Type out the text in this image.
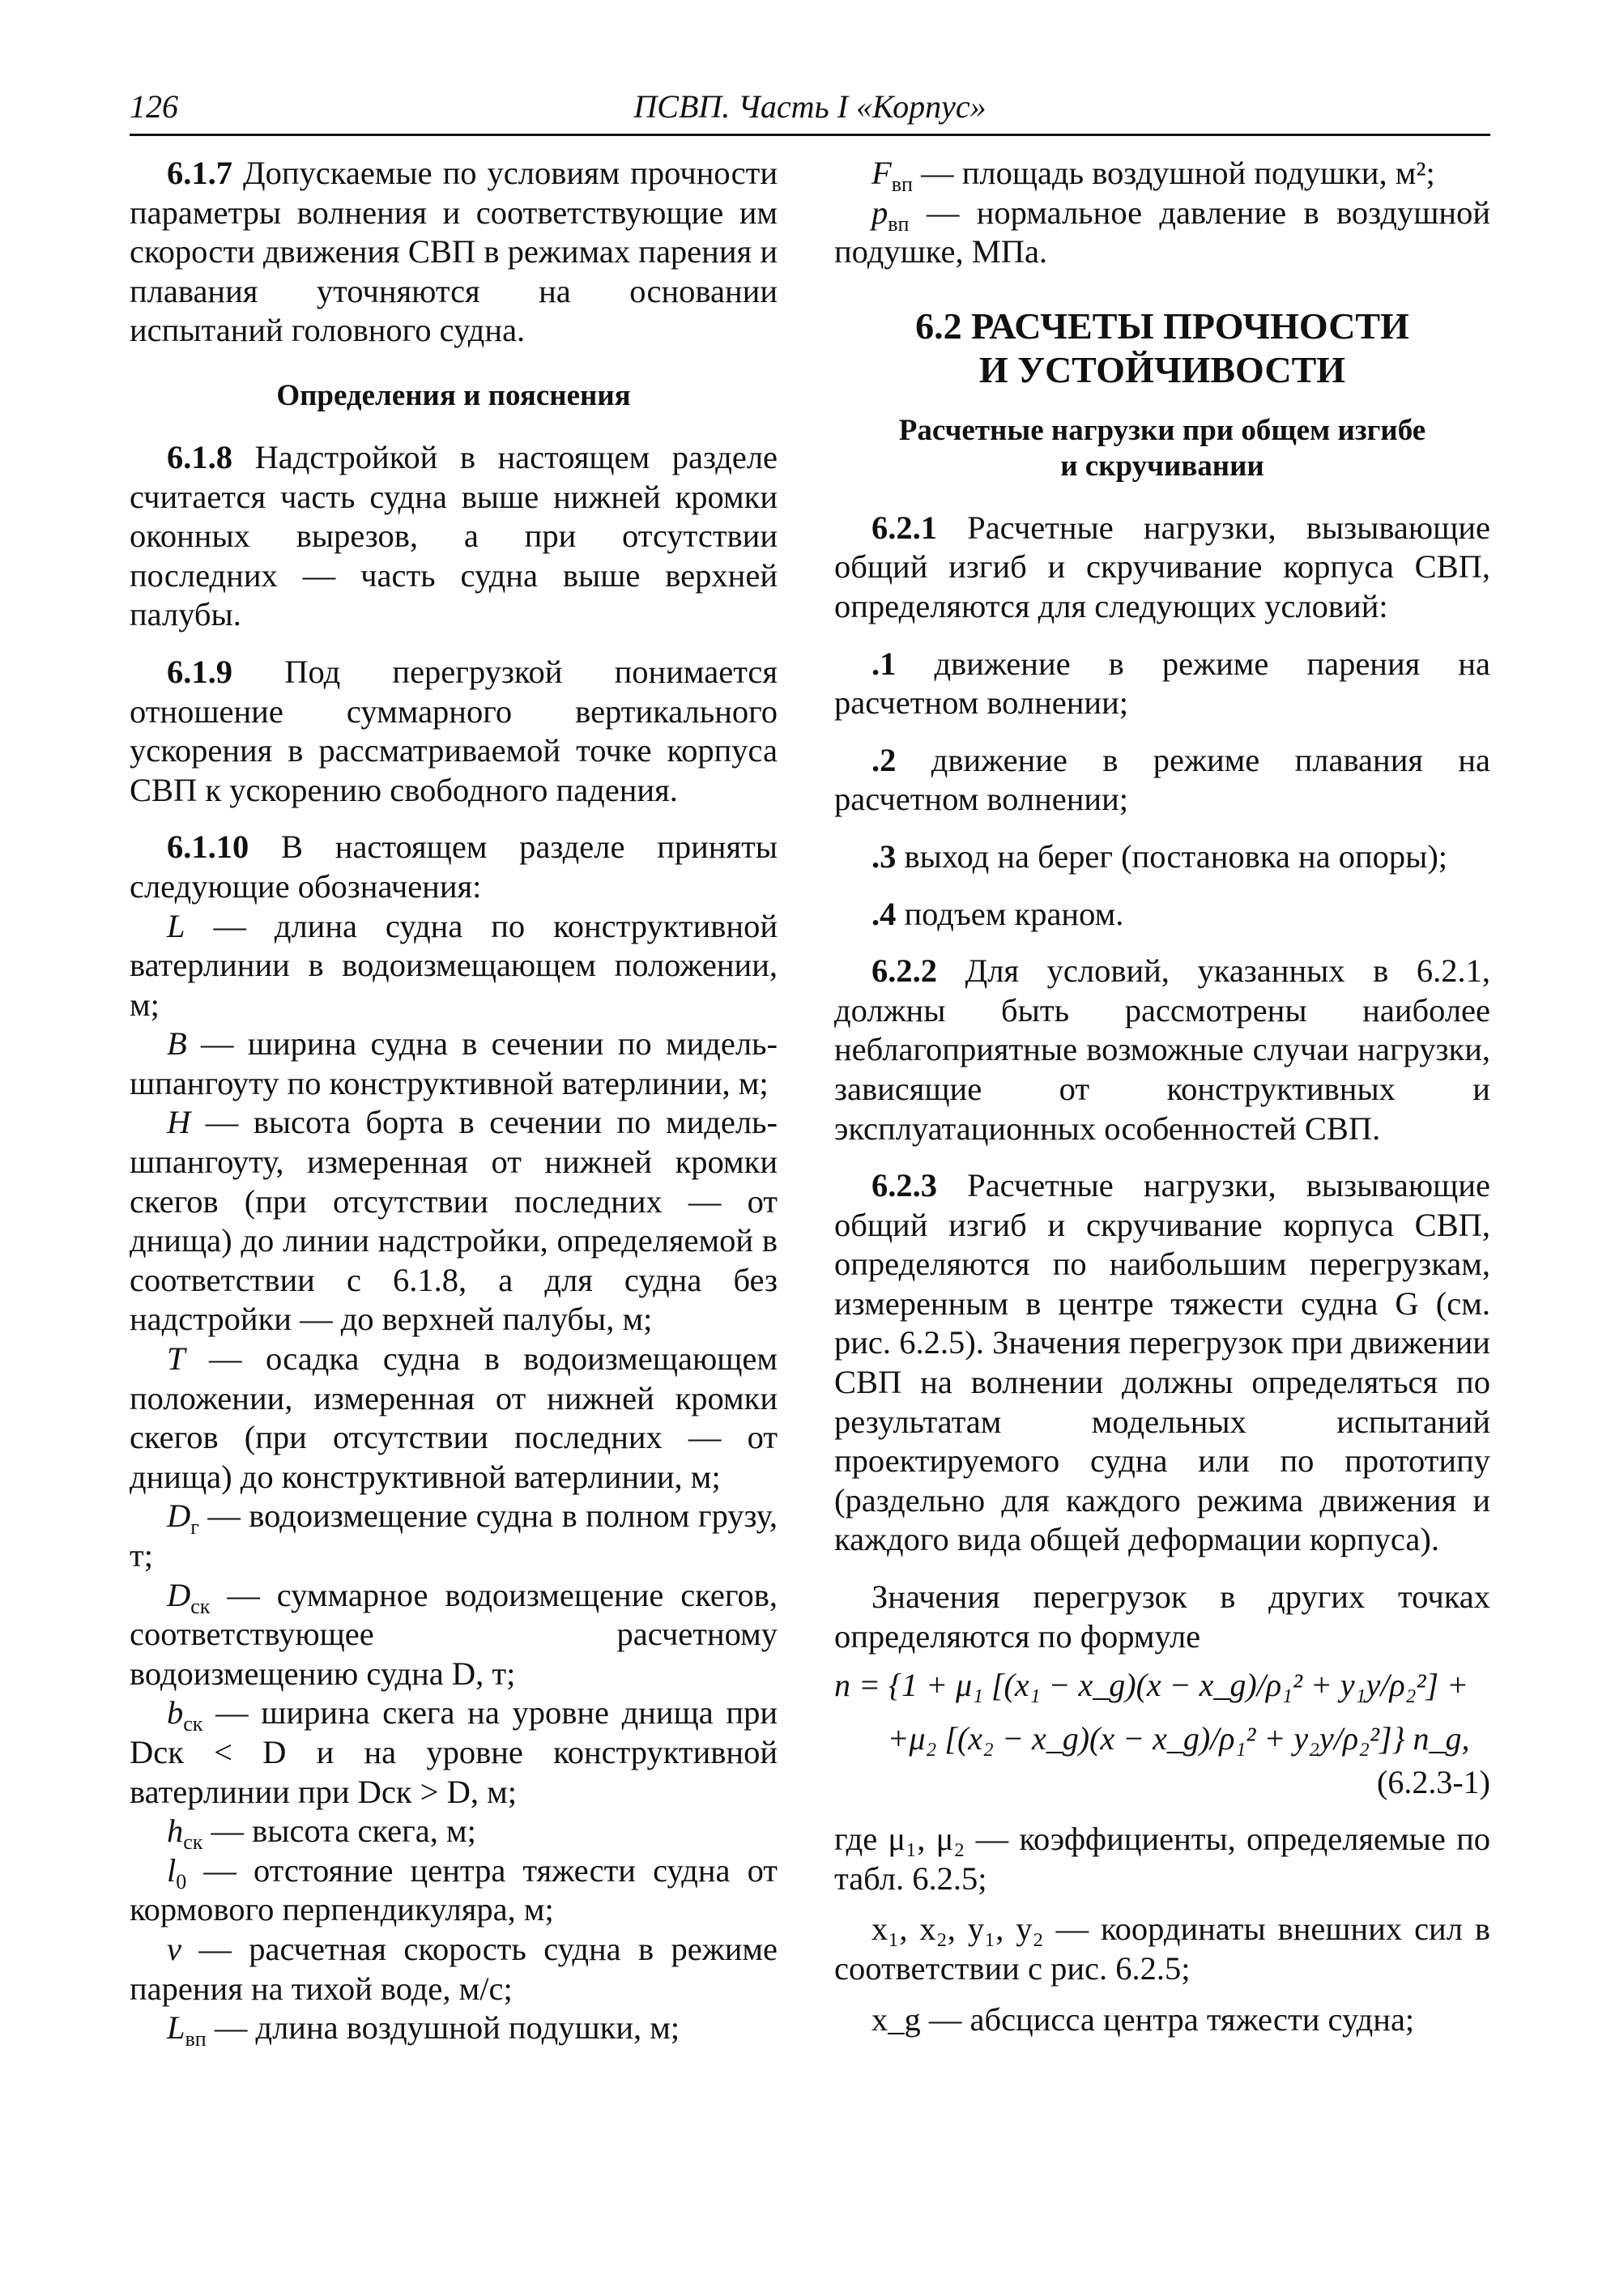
126	ПСВП. Часть I «Корпус»

6.1.7 Допускаемые по условиям прочности параметры волнения и соответствующие им скорости движения СВП в режимах парения и плавания уточняются на основании испытаний головного судна.

Определения и пояснения

6.1.8 Надстройкой в настоящем разделе считается часть судна выше нижней кромки оконных вырезов, а при отсутствии последних — часть судна выше верхней палубы.

6.1.9 Под перегрузкой понимается отношение суммарного вертикального ускорения в рассматриваемой точке корпуса СВП к ускорению свободного падения.

6.1.10 В настоящем разделе приняты следующие обозначения:

L — длина судна по конструктивной ватерлинии в водоизмещающем положении, м;

B — ширина судна в сечении по мидель-шпангоуту по конструктивной ватерлинии, м;

H — высота борта в сечении по мидель-шпангоуту, измеренная от нижней кромки скегов (при отсутствии последних — от днища) до линии надстройки, определяемой в соответствии с 6.1.8, а для судна без надстройки — до верхней палубы, м;

T — осадка судна в водоизмещающем положении, измеренная от нижней кромки скегов (при отсутствии последних — от днища) до конструктивной ватерлинии, м;

$D_г$ — водоизмещение судна в полном грузу, т;

$D_{ск}$ — суммарное водоизмещение скегов, соответствующее расчетному водоизмещению судна D, т;

$b_{ск}$ — ширина скега на уровне днища при Dск < D и на уровне конструктивной ватерлинии при Dск > D, м;

$h_{ск}$ — высота скега, м;

$l_0$ — отстояние центра тяжести судна от кормового перпендикуляра, м;

v — расчетная скорость судна в режиме парения на тихой воде, м/с;

$L_{вп}$ — длина воздушной подушки, м;

$F_{вп}$ — площадь воздушной подушки, м²;

$p_{вп}$ — нормальное давление в воздушной подушке, МПа.

6.2 РАСЧЕТЫ ПРОЧНОСТИ
И УСТОЙЧИВОСТИ
Расчетные нагрузки при общем изгибе
и скручивании

6.2.1 Расчетные нагрузки, вызывающие общий изгиб и скручивание корпуса СВП, определяются для следующих условий:

.1 движение в режиме парения на расчетном волнении;

.2 движение в режиме плавания на расчетном волнении;

.3 выход на берег (постановка на опоры);

.4 подъем краном.

6.2.2 Для условий, указанных в 6.2.1, должны быть рассмотрены наиболее неблагоприятные возможные случаи нагрузки, зависящие от конструктивных и эксплуатационных особенностей СВП.

6.2.3 Расчетные нагрузки, вызывающие общий изгиб и скручивание корпуса СВП, определяются по наибольшим перегрузкам, измеренным в центре тяжести судна G (см. рис. 6.2.5). Значения перегрузок при движении СВП на волнении должны определяться по результатам модельных испытаний проектируемого судна или по прототипу (раздельно для каждого режима движения и каждого вида общей деформации корпуса).

Значения перегрузок в других точках определяются по формуле

n = {1 + μ₁ [(x₁ − x_g)(x − x_g)/ρ₁² + y₁y/ρ₂²] +
+μ₂ [(x₂ − x_g)(x − x_g)/ρ₁² + y₂y/ρ₂²]} n_g,
(6.2.3-1)

где μ₁, μ₂ — коэффициенты, определяемые по табл. 6.2.5;

x₁, x₂, y₁, y₂ — координаты внешних сил в соответствии с рис. 6.2.5;

x_g — абсцисса центра тяжести судна;
